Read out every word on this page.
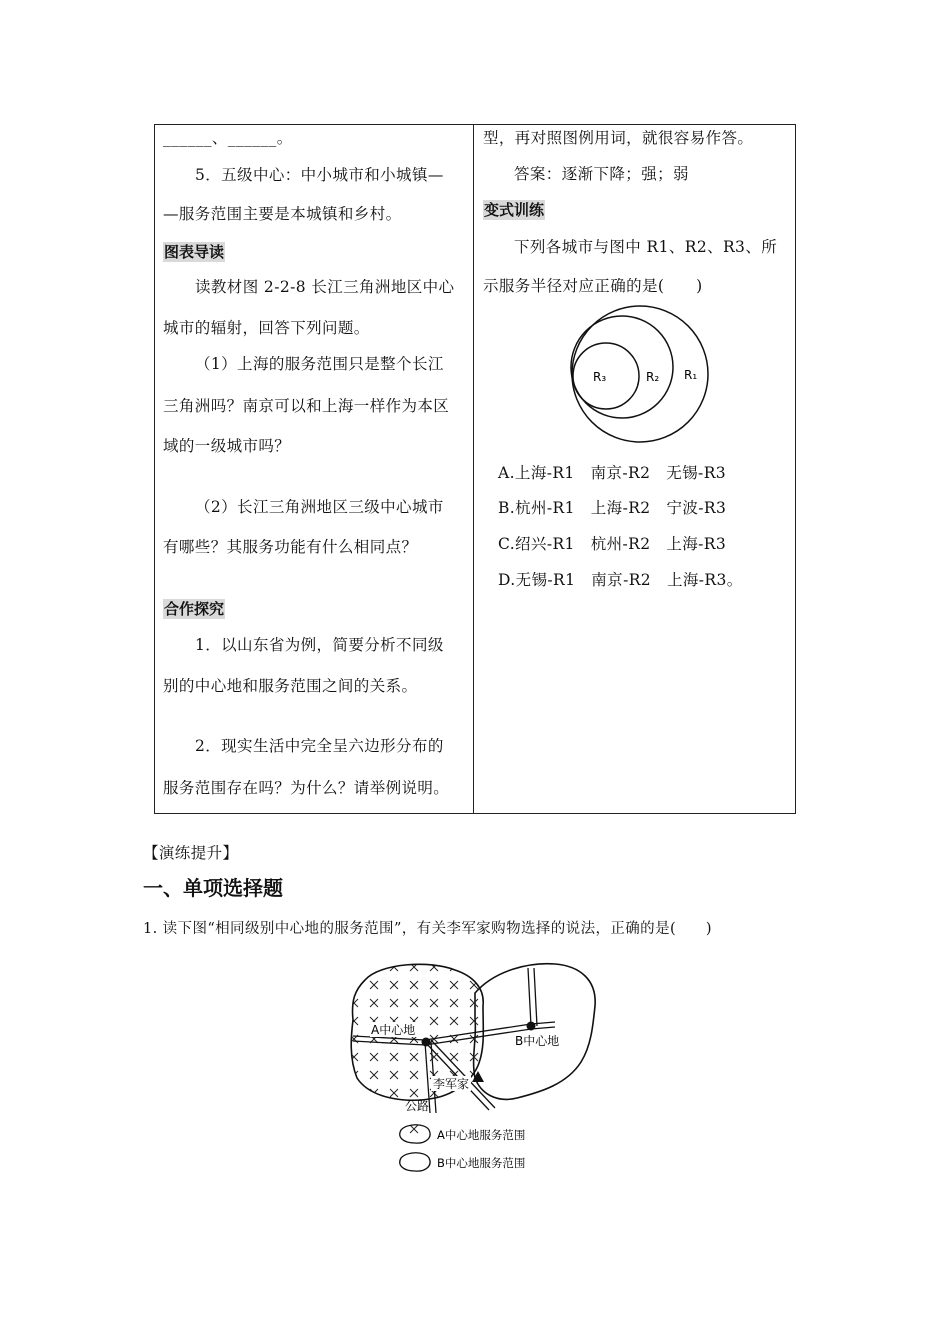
______、______。
5．五级中心：中小城市和小城镇—
—服务范围主要是本城镇和乡村。
图表导读
读教材图 2-2-8 长江三角洲地区中心
城市的辐射，回答下列问题。
（1）上海的服务范围只是整个长江
三角洲吗？南京可以和上海一样作为本区
域的一级城市吗？
（2）长江三角洲地区三级中心城市
有哪些？其服务功能有什么相同点？
合作探究
1．以山东省为例，简要分析不同级
别的中心地和服务范围之间的关系。
2．现实生活中完全呈六边形分布的
服务范围存在吗？为什么？请举例说明。
型，再对照图例用词，就很容易作答。
答案：逐渐下降；强；弱
变式训练
下列各城市与图中 R1、R2、R3、所
示服务半径对应正确的是(　　)
R₃	R₂ R₁
A.上海-R1　南京-R2　无锡-R3
B.杭州-R1　上海-R2　宁波-R3
C.绍兴-R1　杭州-R2　上海-R3
D.无锡-R1　南京-R2　上海-R3。
【演练提升】
一、单项选择题
1. 读下图“相同级别中心地的服务范围”，有关李军家购物选择的说法，正确的是(　　)
A中心地
B中心地
李军家
公路
A中心地服务范围
B中心地服务范围
